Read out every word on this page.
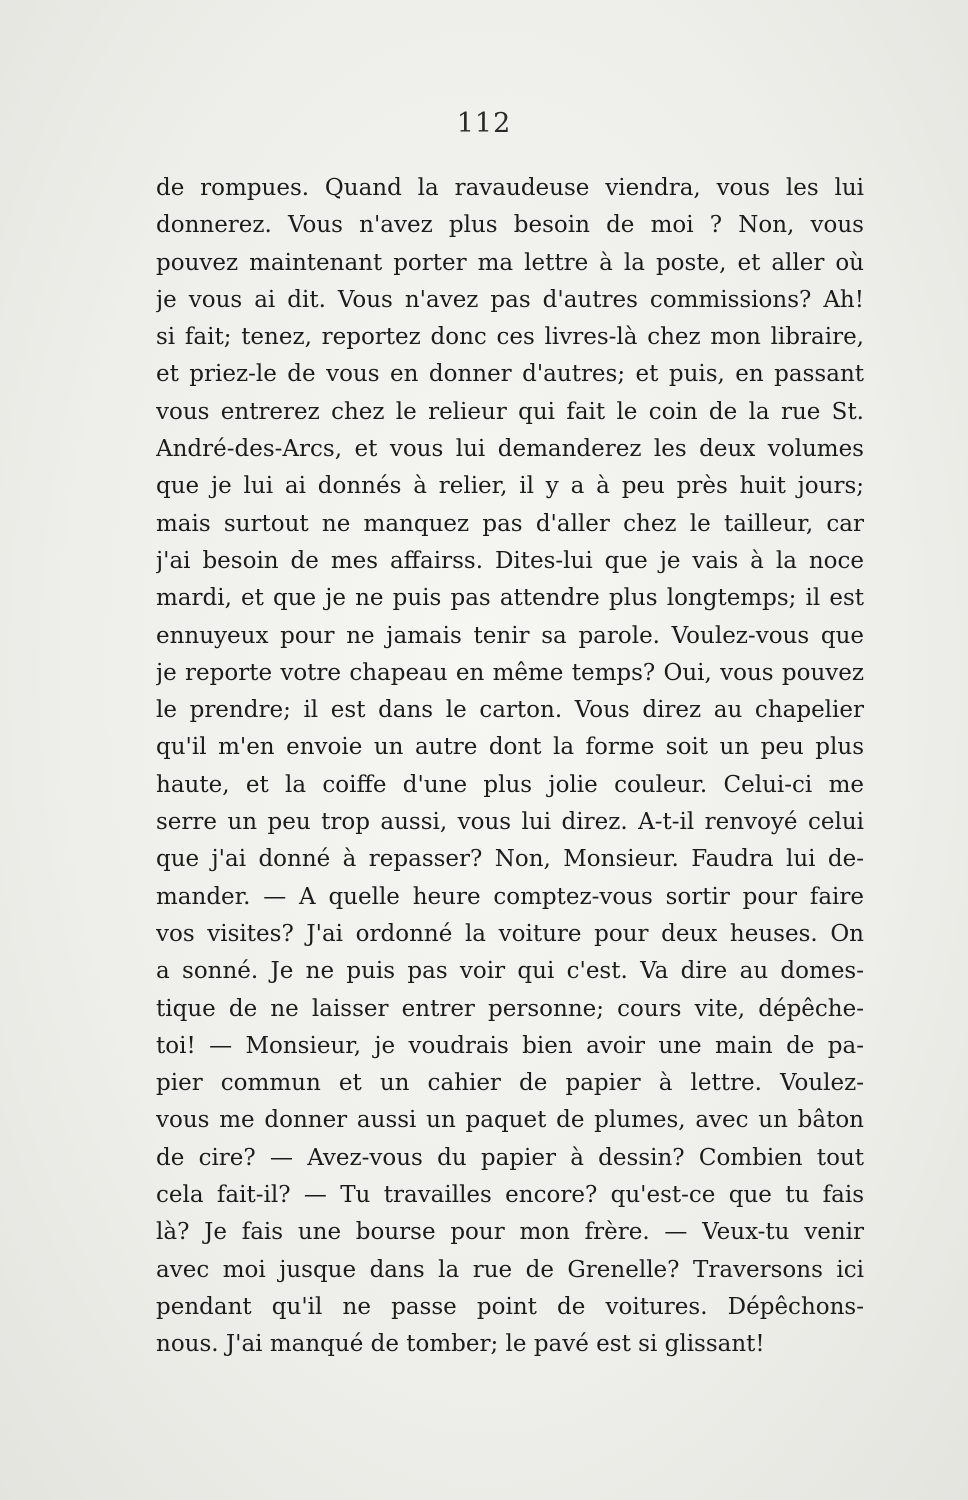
112
de rompues. Quand la ravaudeuse viendra, vous les lui
donnerez. Vous n'avez plus besoin de moi ? Non, vous
pouvez maintenant porter ma lettre à la poste, et aller où
je vous ai dit. Vous n'avez pas d'autres commissions? Ah!
si fait; tenez, reportez donc ces livres-là chez mon libraire,
et priez-le de vous en donner d'autres; et puis, en passant
vous entrerez chez le relieur qui fait le coin de la rue St.
André-des-Arcs, et vous lui demanderez les deux volumes
que je lui ai donnés à relier, il y a à peu près huit jours;
mais surtout ne manquez pas d'aller chez le tailleur, car
j'ai besoin de mes affairss. Dites-lui que je vais à la noce
mardi, et que je ne puis pas attendre plus longtemps; il est
ennuyeux pour ne jamais tenir sa parole. Voulez-vous que
je reporte votre chapeau en même temps? Oui, vous pouvez
le prendre; il est dans le carton. Vous direz au chapelier
qu'il m'en envoie un autre dont la forme soit un peu plus
haute, et la coiffe d'une plus jolie couleur. Celui-ci me
serre un peu trop aussi, vous lui direz. A-t-il renvoyé celui
que j'ai donné à repasser? Non, Monsieur. Faudra lui de-
mander. — A quelle heure comptez-vous sortir pour faire
vos visites? J'ai ordonné la voiture pour deux heuses. On
a sonné. Je ne puis pas voir qui c'est. Va dire au domes-
tique de ne laisser entrer personne; cours vite, dépêche-
toi! — Monsieur, je voudrais bien avoir une main de pa-
pier commun et un cahier de papier à lettre. Voulez-
vous me donner aussi un paquet de plumes, avec un bâton
de cire? — Avez-vous du papier à dessin? Combien tout
cela fait-il? — Tu travailles encore? qu'est-ce que tu fais
là? Je fais une bourse pour mon frère. — Veux-tu venir
avec moi jusque dans la rue de Grenelle? Traversons ici
pendant qu'il ne passe point de voitures. Dépêchons-
nous. J'ai manqué de tomber; le pavé est si glissant!
